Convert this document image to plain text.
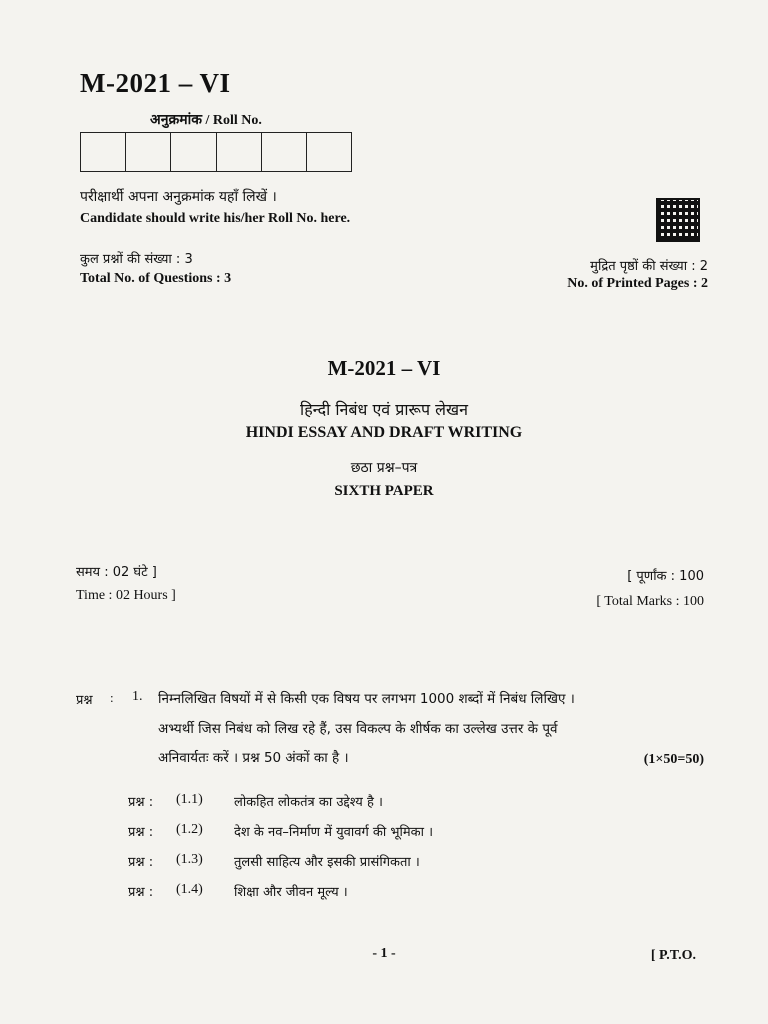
M-2021 – VI
अनुक्रमांक / Roll No.
परीक्षार्थी अपना अनुक्रमांक यहाँ लिखें ।
Candidate should write his/her Roll No. here.
कुल प्रश्नों की संख्या : 3
Total No. of Questions : 3
मुद्रित पृष्ठों की संख्या : 2
No. of Printed Pages : 2
M-2021 – VI
हिन्दी निबंध एवं प्रारूप लेखन
HINDI ESSAY AND DRAFT WRITING
छठा प्रश्न–पत्र
SIXTH PAPER
समय : 02 घंटे ]
Time : 02 Hours ]
[ पूर्णांक : 100
[ Total Marks : 100
प्रश्न : 1. निम्नलिखित विषयों में से किसी एक विषय पर लगभग 1000 शब्दों में निबंध लिखिए ।
अभ्यर्थी जिस निबंध को लिख रहे हैं, उस विकल्प के शीर्षक का उल्लेख उत्तर के पूर्व
अनिवार्यतः करें । प्रश्न 50 अंकों का है ।	(1×50=50)
प्रश्न :	(1.1)	लोकहित लोकतंत्र का उद्देश्य है ।
प्रश्न :	(1.2)	देश के नव–निर्माण में युवावर्ग की भूमिका ।
प्रश्न :	(1.3)	तुलसी साहित्य और इसकी प्रासंगिकता ।
प्रश्न :	(1.4)	शिक्षा और जीवन मूल्य ।
- 1 -	[ P.T.O.
